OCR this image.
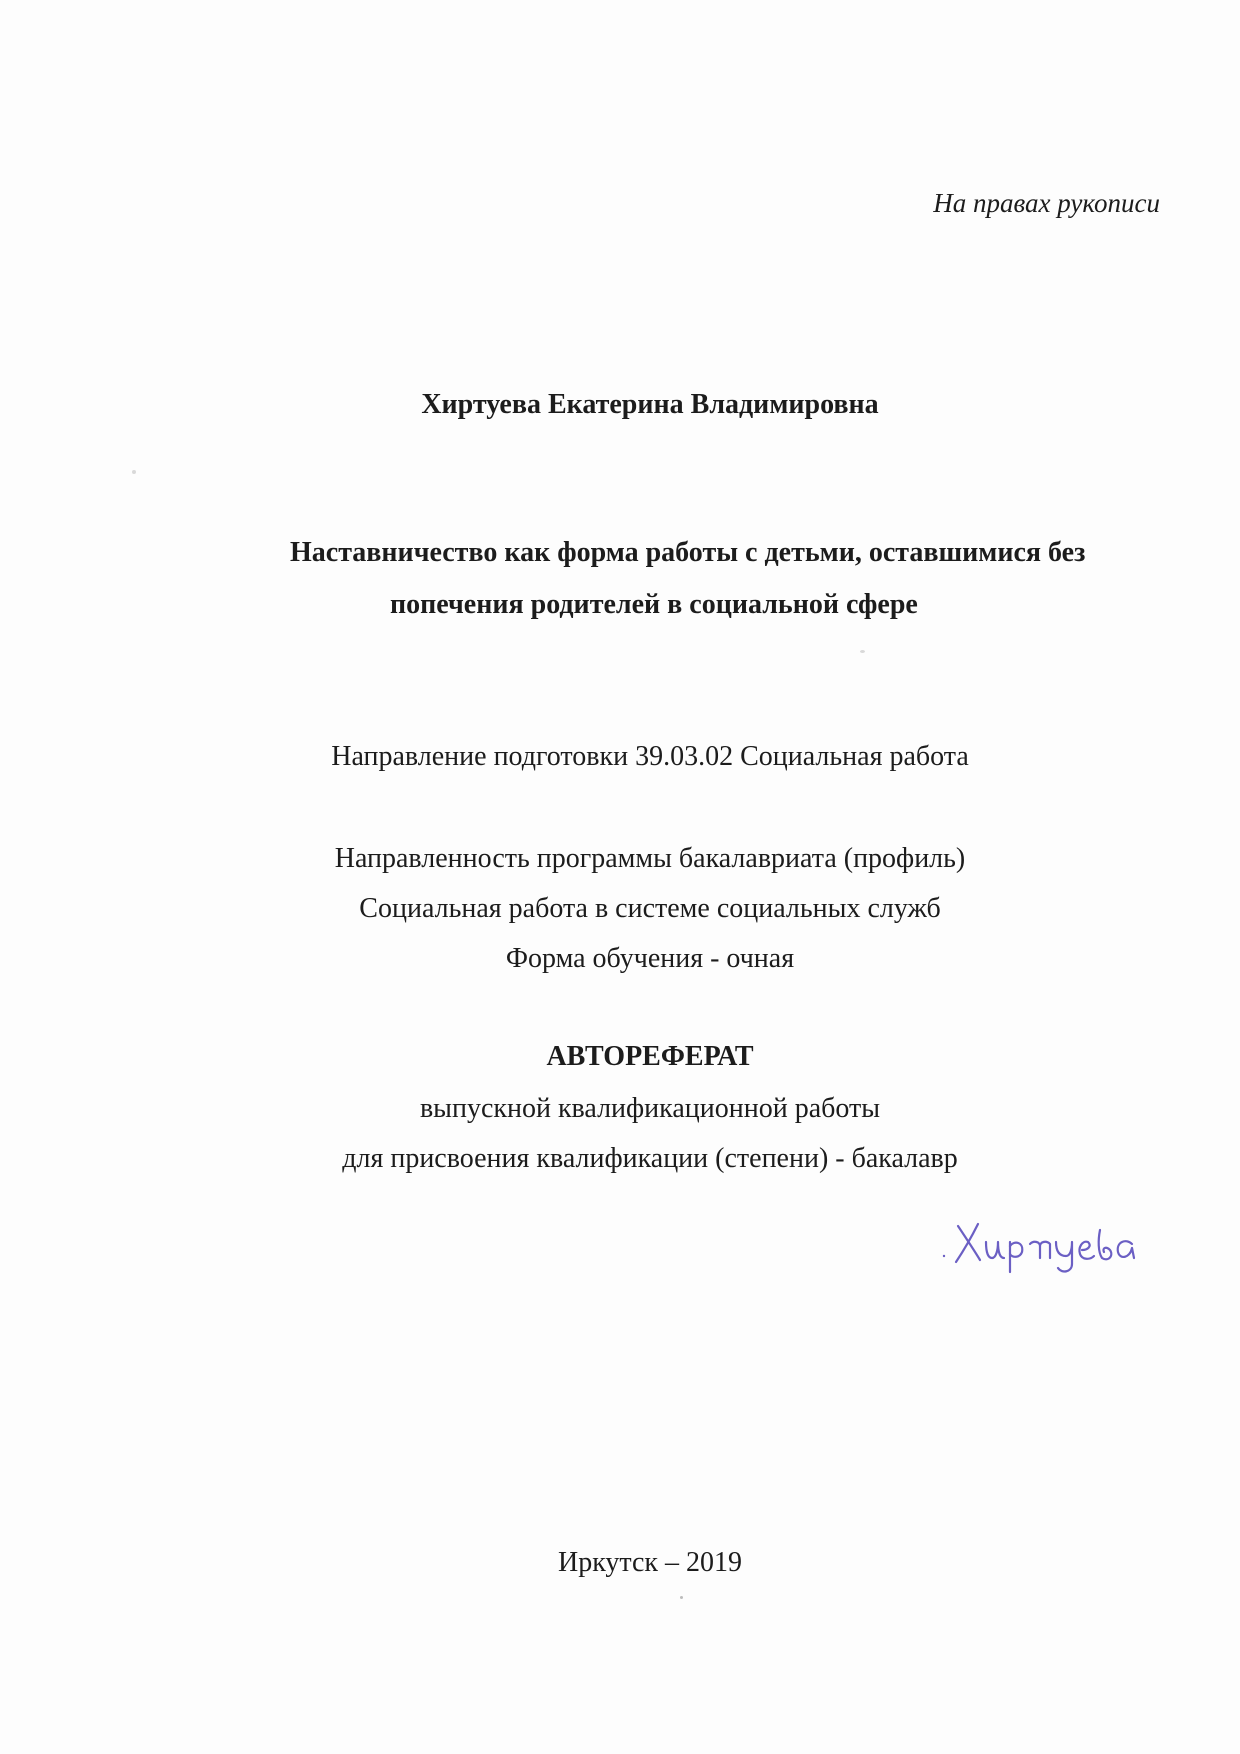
На правах рукописи
Хиртуева Екатерина Владимировна
Наставничество как форма работы с детьми, оставшимися без
попечения родителей в социальной сфере
Направление подготовки 39.03.02 Социальная работа
Направленность программы бакалавриата (профиль)
Социальная работа в системе социальных служб
Форма обучения - очная
АВТОРЕФЕРАТ
выпускной квалификационной работы
для присвоения квалификации (степени) - бакалавр
Иркутск – 2019
